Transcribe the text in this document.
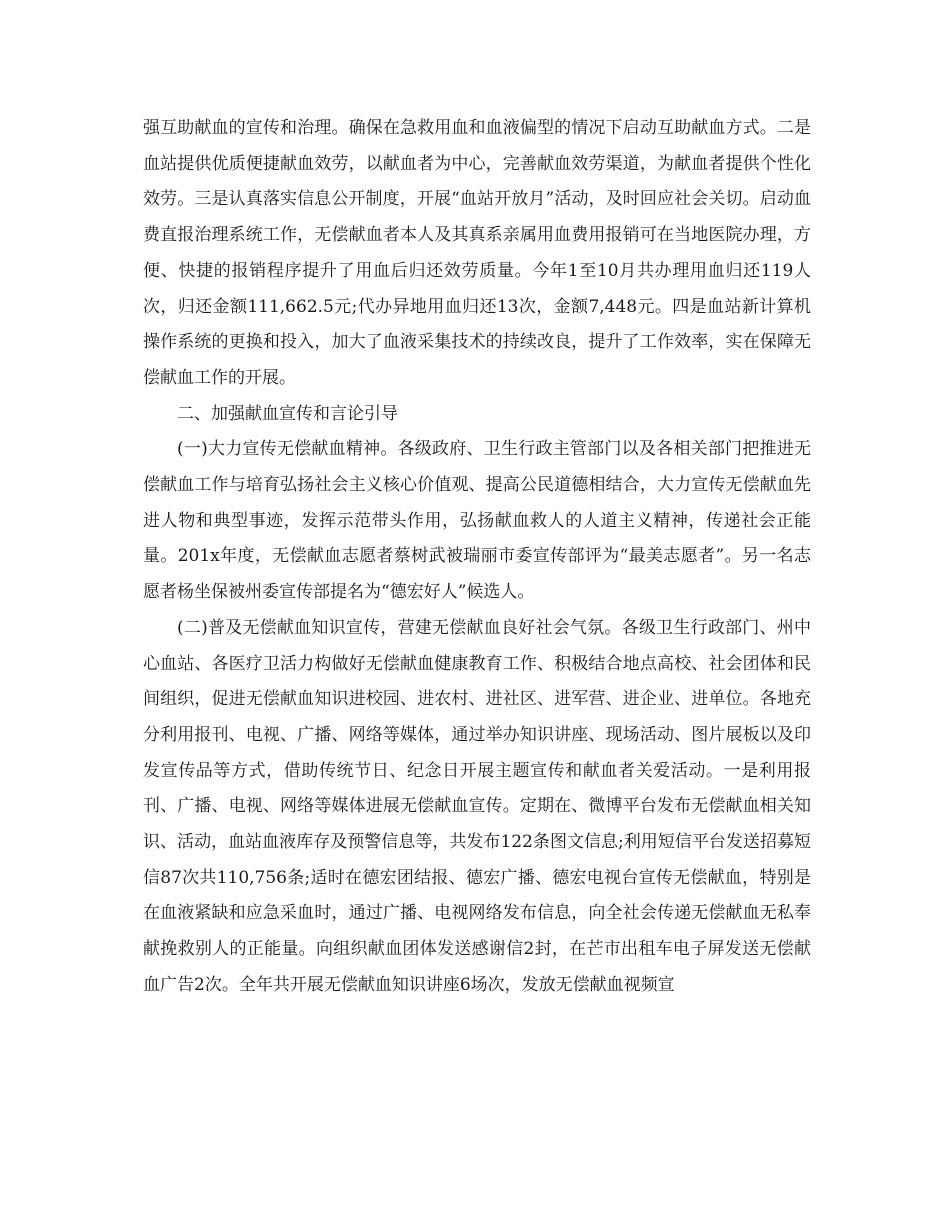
强互助献血的宣传和治理。确保在急救用血和血液偏型的情况下启动互助献血方式。二是血站提供优质便捷献血效劳，以献血者为中心，完善献血效劳渠道，为献血者提供个性化效劳。三是认真落实信息公开制度，开展“血站开放月”活动，及时回应社会关切。启动血费直报治理系统工作，无偿献血者本人及其真系亲属用血费用报销可在当地医院办理，方便、快捷的报销程序提升了用血后归还效劳质量。今年1至10月共办理用血归还119人次，归还金额111,662.5元;代办异地用血归还13次，金额7,448元。四是血站新计算机操作系统的更换和投入，加大了血液采集技术的持续改良，提升了工作效率，实在保障无偿献血工作的开展。

二、加强献血宣传和言论引导

(一)大力宣传无偿献血精神。各级政府、卫生行政主管部门以及各相关部门把推进无偿献血工作与培育弘扬社会主义核心价值观、提高公民道德相结合，大力宣传无偿献血先进人物和典型事迹，发挥示范带头作用，弘扬献血救人的人道主义精神，传递社会正能量。201x年度，无偿献血志愿者蔡树武被瑞丽市委宣传部评为“最美志愿者”。另一名志愿者杨坐保被州委宣传部提名为“德宏好人”候选人。

(二)普及无偿献血知识宣传，营建无偿献血良好社会气氛。各级卫生行政部门、州中心血站、各医疗卫活力构做好无偿献血健康教育工作、积极结合地点高校、社会团体和民间组织，促进无偿献血知识进校园、进农村、进社区、进军营、进企业、进单位。各地充分利用报刊、电视、广播、网络等媒体，通过举办知识讲座、现场活动、图片展板以及印发宣传品等方式，借助传统节日、纪念日开展主题宣传和献血者关爱活动。一是利用报刊、广播、电视、网络等媒体进展无偿献血宣传。定期在、微博平台发布无偿献血相关知识、活动，血站血液库存及预警信息等，共发布122条图文信息;利用短信平台发送招募短信87次共110,756条;适时在德宏团结报、德宏广播、德宏电视台宣传无偿献血，特别是在血液紧缺和应急采血时，通过广播、电视网络发布信息，向全社会传递无偿献血无私奉献挽救别人的正能量。向组织献血团体发送感谢信2封，在芒市出租车电子屏发送无偿献血广告2次。全年共开展无偿献血知识讲座6场次，发放无偿献血视频宣
